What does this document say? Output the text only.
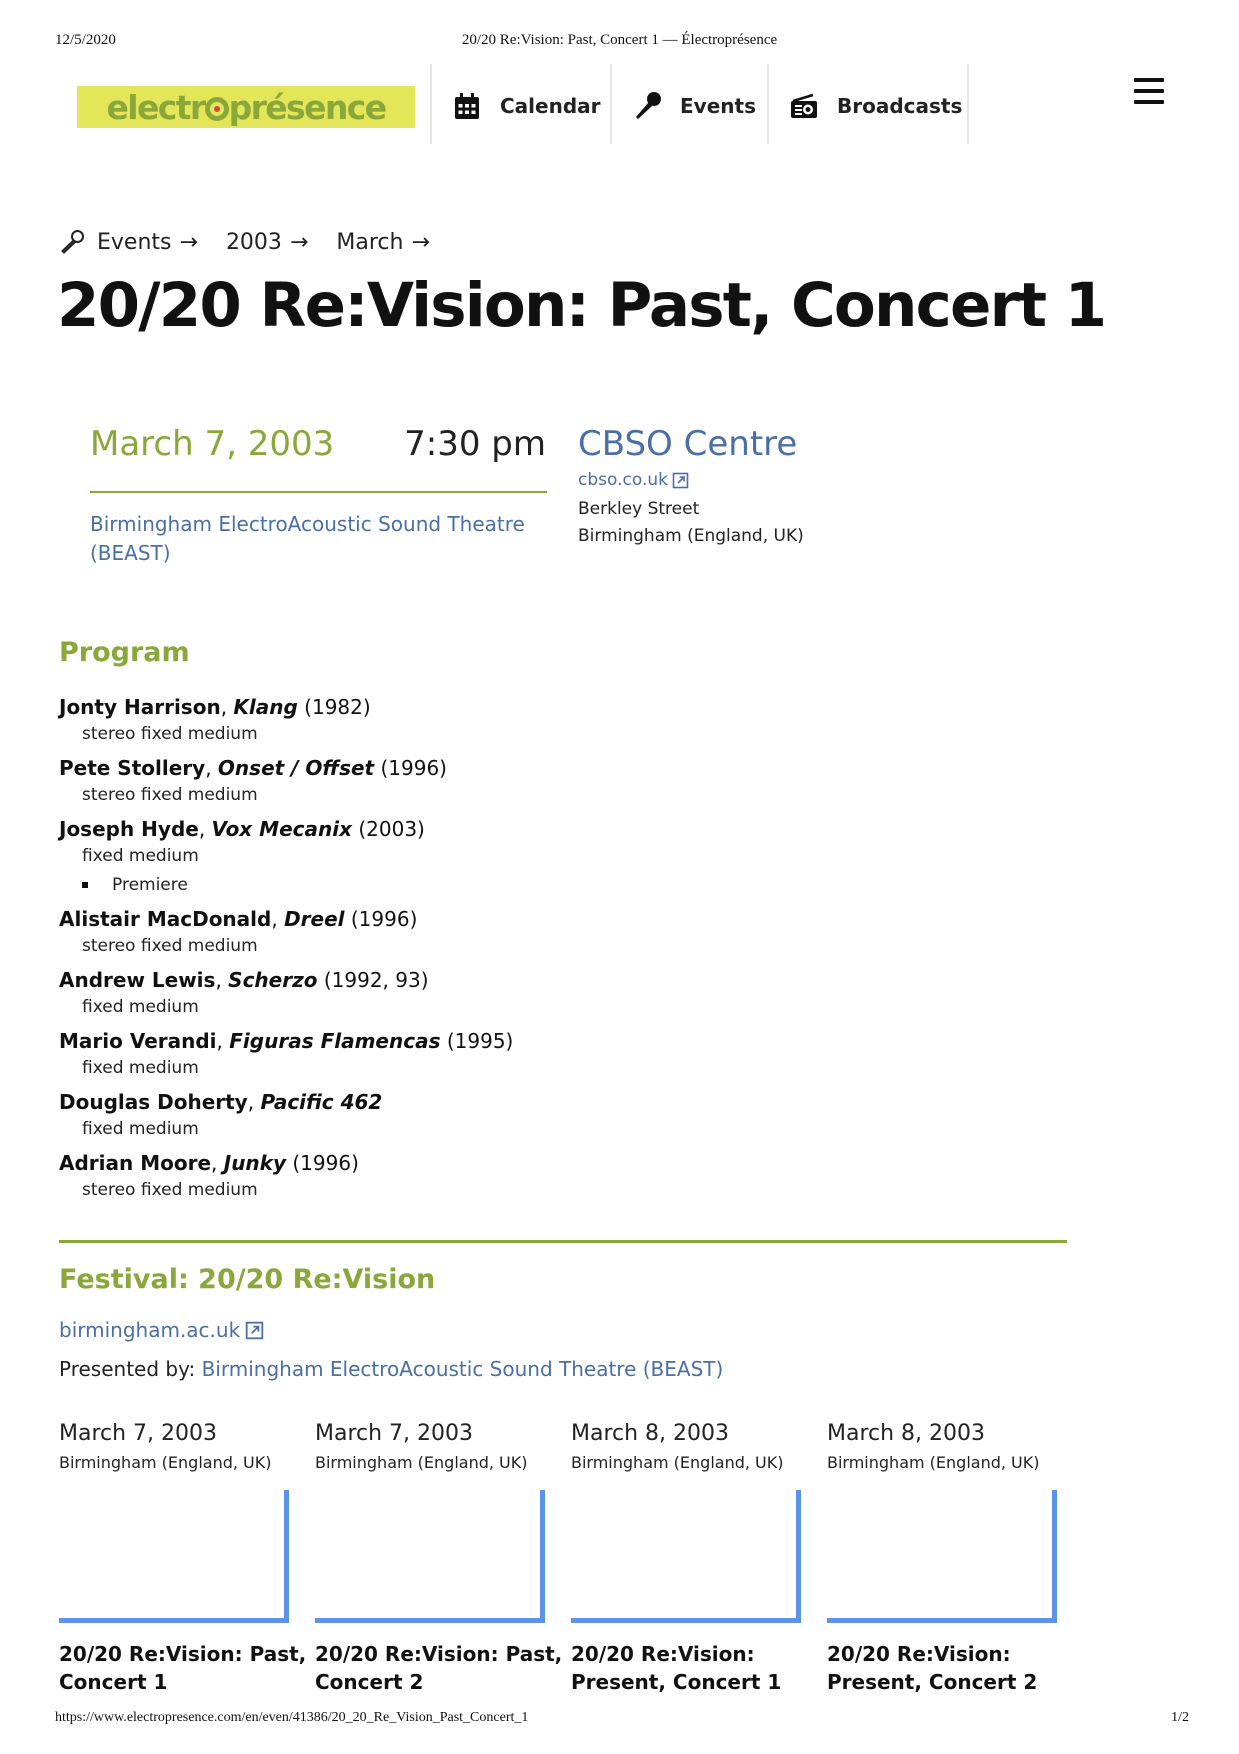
12/5/2020	20/20 Re:Vision: Past, Concert 1 — Électroprésence
electr présence	Calendar	Events	Broadcasts
Events → 2003 → March →
20/20 Re:Vision: Past, Concert 1
March 7, 2003	7:30 pm
Birmingham ElectroAcoustic Sound Theatre (BEAST)
CBSO Centre
cbso.co.uk
Berkley Street
Birmingham (England, UK)
Program
Jonty Harrison, Klang (1982)
stereo fixed medium
Pete Stollery, Onset / Offset (1996)
stereo fixed medium
Joseph Hyde, Vox Mecanix (2003)
fixed medium
Premiere
Alistair MacDonald, Dreel (1996)
stereo fixed medium
Andrew Lewis, Scherzo (1992, 93)
fixed medium
Mario Verandi, Figuras Flamencas (1995)
fixed medium
Douglas Doherty, Pacific 462
fixed medium
Adrian Moore, Junky (1996)
stereo fixed medium
Festival: 20/20 Re:Vision
birmingham.ac.uk
Presented by: Birmingham ElectroAcoustic Sound Theatre (BEAST)
March 7, 2003
Birmingham (England, UK)
20/20 Re:Vision: Past, Concert 1
March 7, 2003
Birmingham (England, UK)
20/20 Re:Vision: Past, Concert 2
March 8, 2003
Birmingham (England, UK)
20/20 Re:Vision: Present, Concert 1
March 8, 2003
Birmingham (England, UK)
20/20 Re:Vision: Present, Concert 2
https://www.electropresence.com/en/even/41386/20_20_Re_Vision_Past_Concert_1	1/2
